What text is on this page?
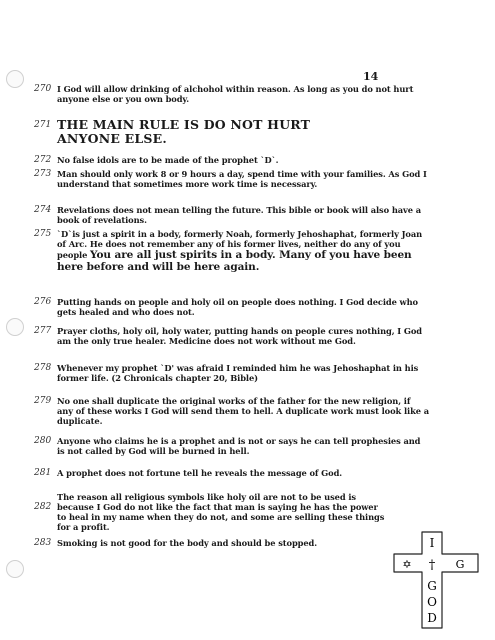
14
270 I God will allow drinking of alchohol within reason. As long as you do not hurt anyone else or you own body.
271 THE MAIN RULE IS DO NOT HURT ANYONE ELSE.
272 No false idols are to be made of the prophet `D`.
273 Man should only work 8 or 9 hours a day, spend time with your families. As God I understand that sometimes more work time is necessary.
274 Revelations does not mean telling the future. This bible or book will also have a book of revelations.
275 `D`is just a spirit in a body, formerly Noah, formerly Jehoshaphat, formerly Joan of Arc. He does not remember any of his former lives, neither do any of you people You are all just spirits in a body. Many of you have been here before and will be here again.
276 Putting hands on people and holy oil on people does nothing. I God decide who gets healed and who does not.
277 Prayer cloths, holy oil, holy water, putting hands on people cures nothing, I God am the only true healer. Medicine does not work without me God.
278 Whenever my prophet `D' was afraid I reminded him he was Jehoshaphat in his former life. (2 Chronicals chapter 20, Bible)
279 No one shall duplicate the original works of the father for the new religion, if any of these works I God will send them to hell. A duplicate work must look like a duplicate.
280 Anyone who claims he is a prophet and is not or says he can tell prophesies and is not called by God will be burned in hell.
281 A prophet does not fortune tell he reveals the message of God.
282
The reason all religious symbols like holy oil are not to be used is because I God do not like the fact that man is saying he has the power to heal in my name when they do not, and some are selling these things for a profit.
283 Smoking is not good for the body and should be stopped.	I
✡	G
†
G
O
D
